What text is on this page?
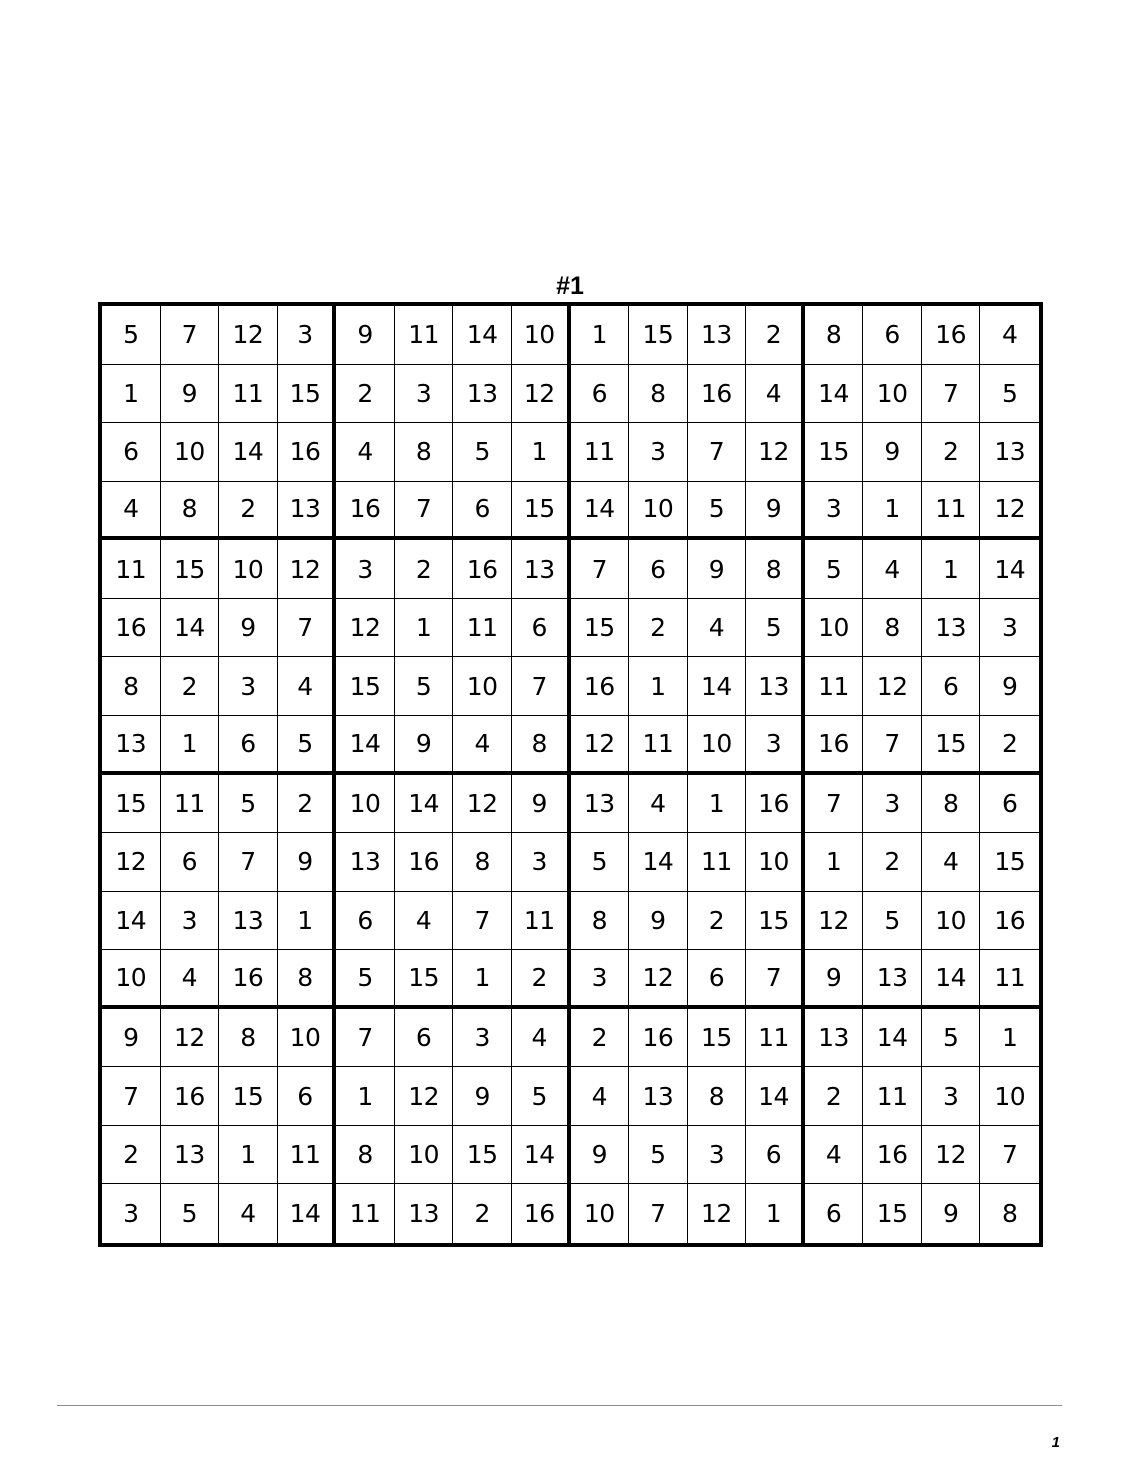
#1
5	7	12	3	9	11	14	10	1	15	13	2	8	6	16	4
1	9	11	15	2	3	13	12	6	8	16	4	14	10	7	5
6	10	14	16	4	8	5	1	11	3	7	12	15	9	2	13
4	8	2	13	16	7	6	15	14	10	5	9	3	1	11	12
11	15	10	12	3	2	16	13	7	6	9	8	5	4	1	14
16	14	9	7	12	1	11	6	15	2	4	5	10	8	13	3
8	2	3	4	15	5	10	7	16	1	14	13	11	12	6	9
13	1	6	5	14	9	4	8	12	11	10	3	16	7	15	2
15	11	5	2	10	14	12	9	13	4	1	16	7	3	8	6
12	6	7	9	13	16	8	3	5	14	11	10	1	2	4	15
14	3	13	1	6	4	7	11	8	9	2	15	12	5	10	16
10	4	16	8	5	15	1	2	3	12	6	7	9	13	14	11
9	12	8	10	7	6	3	4	2	16	15	11	13	14	5	1
7	16	15	6	1	12	9	5	4	13	8	14	2	11	3	10
2	13	1	11	8	10	15	14	9	5	3	6	4	16	12	7
3	5	4	14	11	13	2	16	10	7	12	1	6	15	9	8
1
